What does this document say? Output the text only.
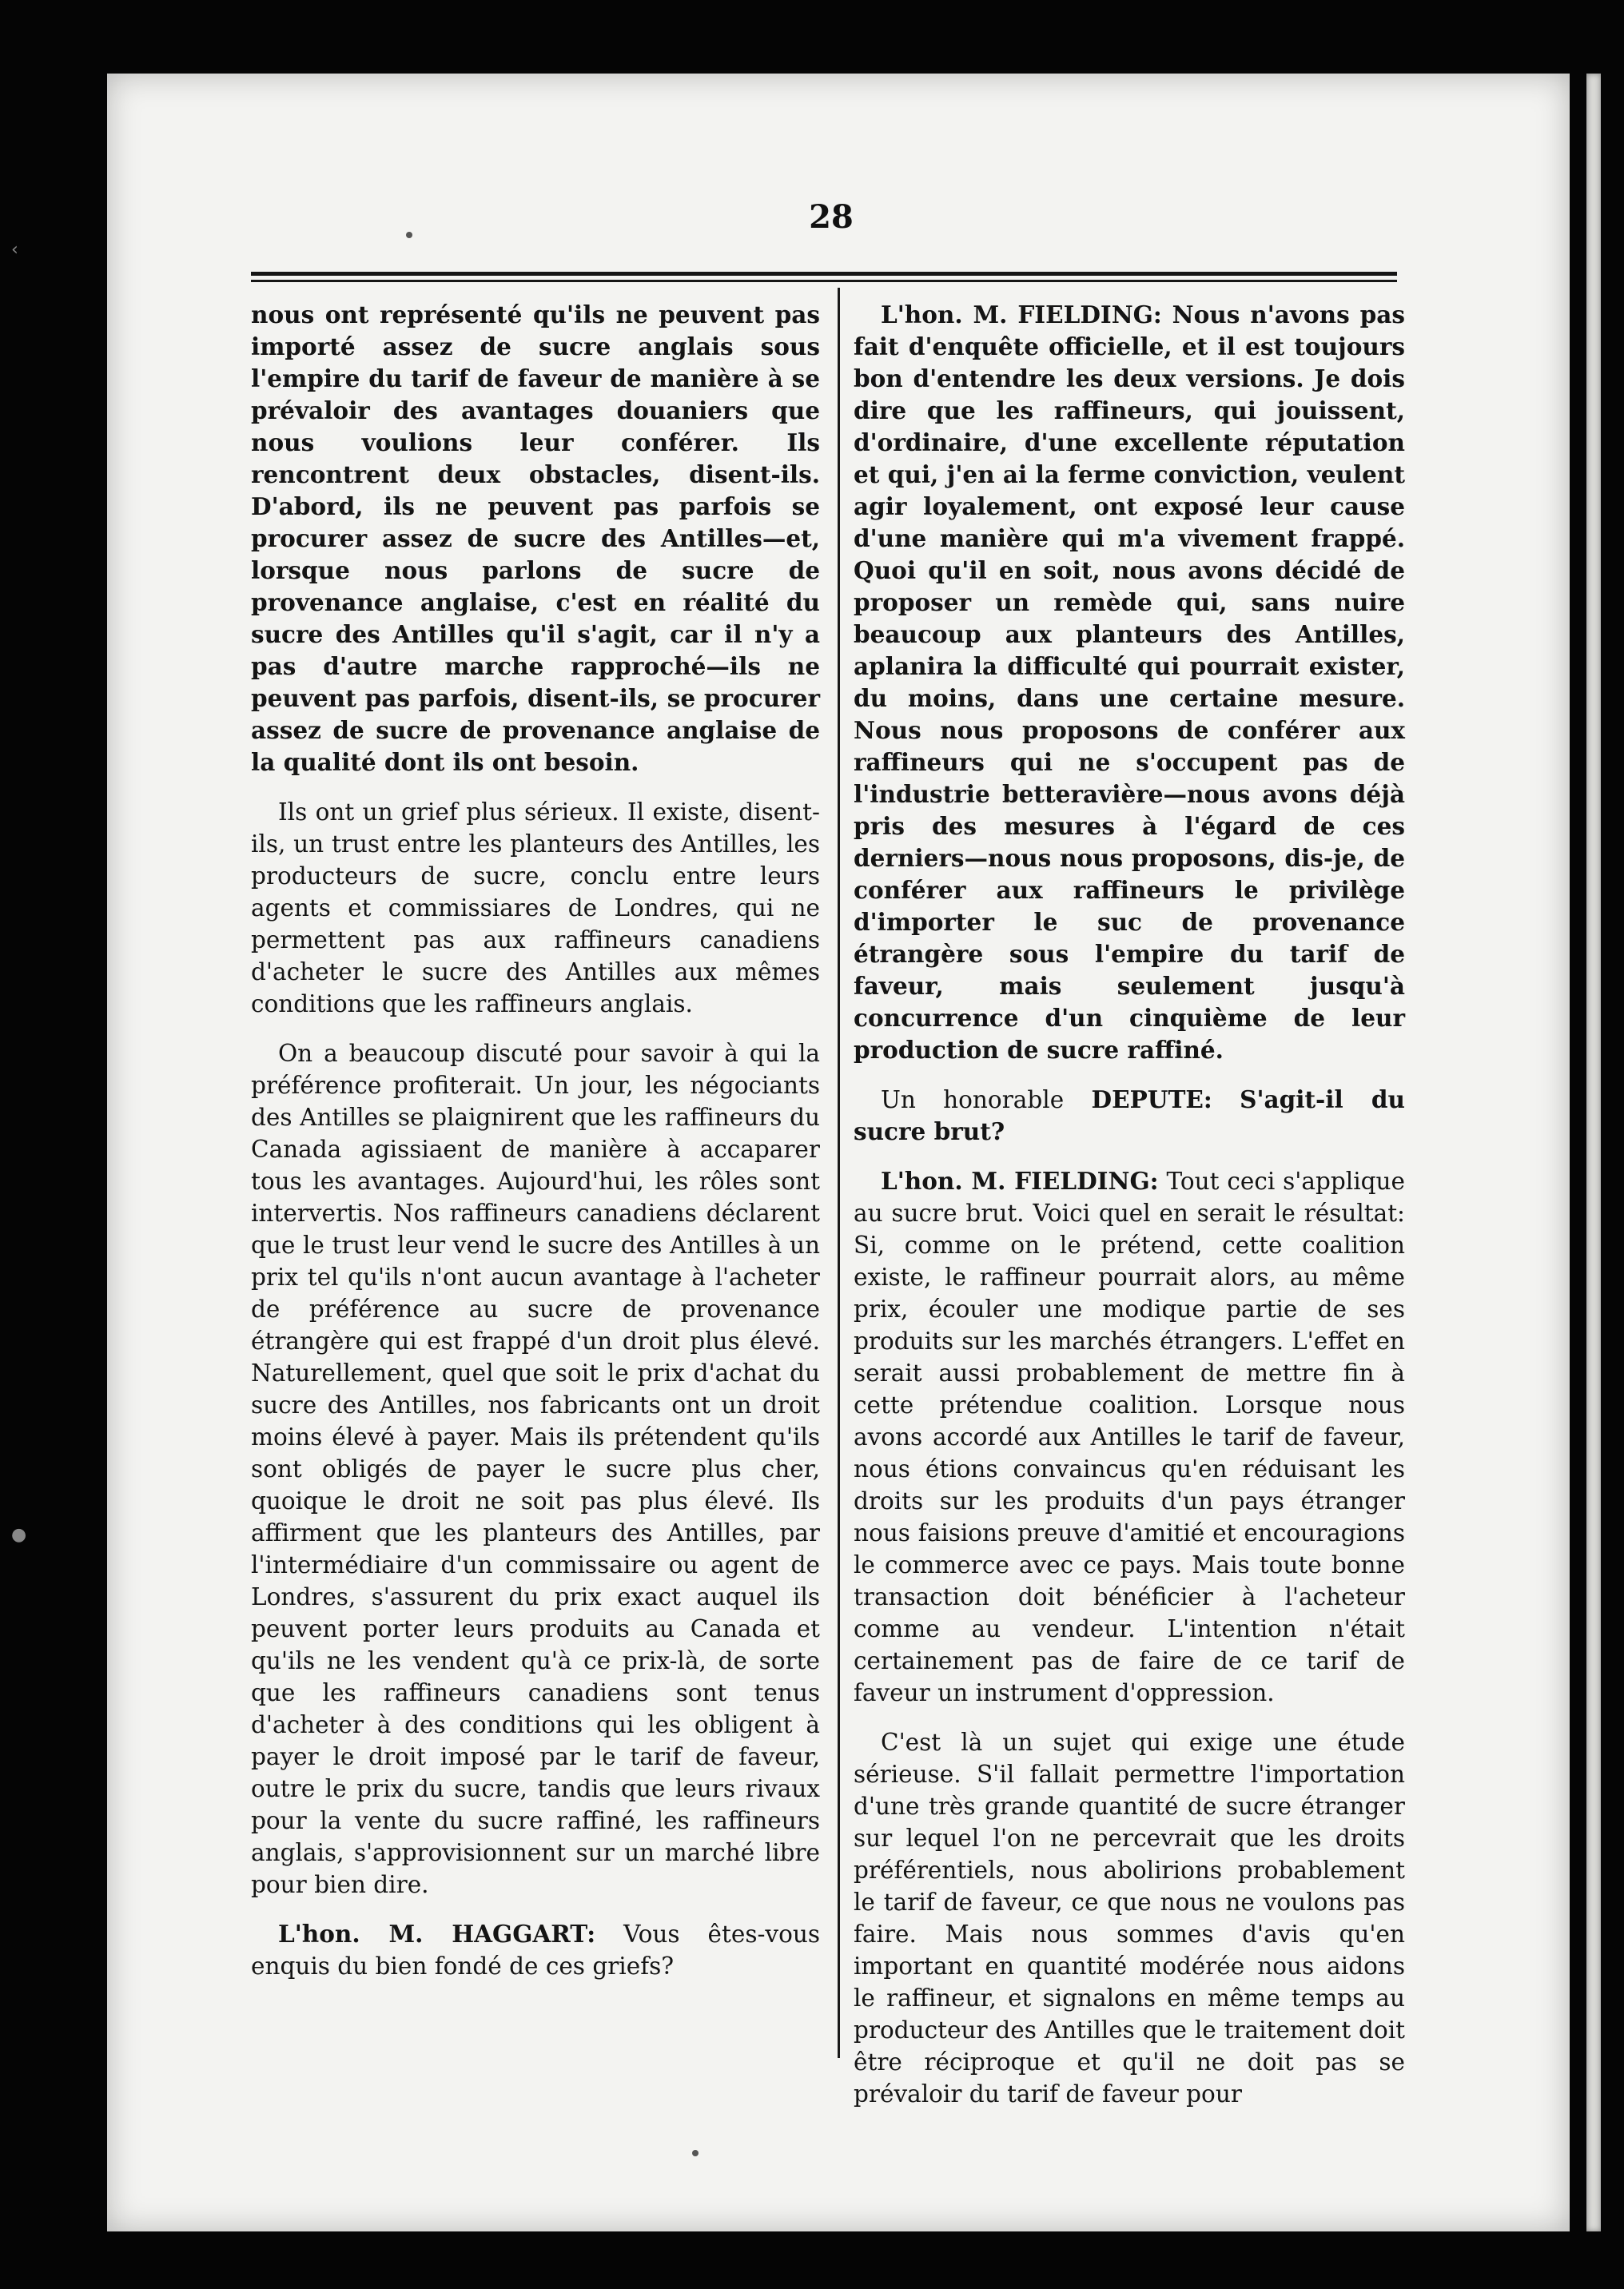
‹
●
28

nous ont représenté qu'ils ne peuvent pas importé assez de sucre anglais sous l'empire du tarif de faveur de manière à se prévaloir des avantages douaniers que nous voulions leur conférer. Ils rencontrent deux obstacles, disent-ils. D'abord, ils ne peuvent pas parfois se procurer assez de sucre des Antilles—et, lorsque nous parlons de sucre de provenance anglaise, c'est en réalité du sucre des Antilles qu'il s'agit, car il n'y a pas d'autre marche rapproché—ils ne peuvent pas parfois, disent-ils, se procurer assez de sucre de provenance anglaise de la qualité dont ils ont besoin.

Ils ont un grief plus sérieux. Il existe, disent-ils, un trust entre les planteurs des Antilles, les producteurs de sucre, conclu entre leurs agents et commissiares de Londres, qui ne permettent pas aux raffineurs canadiens d'acheter le sucre des Antilles aux mêmes conditions que les raffineurs anglais.

On a beaucoup discuté pour savoir à qui la préférence profiterait. Un jour, les négociants des Antilles se plaignirent que les raffineurs du Canada agissiaent de manière à accaparer tous les avantages. Aujourd'hui, les rôles sont intervertis. Nos raffineurs canadiens déclarent que le trust leur vend le sucre des Antilles à un prix tel qu'ils n'ont aucun avantage à l'acheter de préférence au sucre de provenance étrangère qui est frappé d'un droit plus élevé. Naturellement, quel que soit le prix d'achat du sucre des Antilles, nos fabricants ont un droit moins élevé à payer. Mais ils prétendent qu'ils sont obligés de payer le sucre plus cher, quoique le droit ne soit pas plus élevé. Ils affirment que les planteurs des Antilles, par l'intermédiaire d'un commissaire ou agent de Londres, s'assurent du prix exact auquel ils peuvent porter leurs produits au Canada et qu'ils ne les vendent qu'à ce prix-là, de sorte que les raffineurs canadiens sont tenus d'acheter à des conditions qui les obligent à payer le droit imposé par le tarif de faveur, outre le prix du sucre, tandis que leurs rivaux pour la vente du sucre raffiné, les raffineurs anglais, s'approvisionnent sur un marché libre pour bien dire.

L'hon. M. HAGGART: Vous êtes-vous enquis du bien fondé de ces griefs?

L'hon. M. FIELDING: Nous n'avons pas fait d'enquête officielle, et il est toujours bon d'entendre les deux versions. Je dois dire que les raffineurs, qui jouissent, d'ordinaire, d'une excellente réputation et qui, j'en ai la ferme conviction, veulent agir loyalement, ont exposé leur cause d'une manière qui m'a vivement frappé. Quoi qu'il en soit, nous avons décidé de proposer un remède qui, sans nuire beaucoup aux planteurs des Antilles, aplanira la difficulté qui pourrait exister, du moins, dans une certaine mesure. Nous nous proposons de conférer aux raffineurs qui ne s'occupent pas de l'industrie betteravière—nous avons déjà pris des mesures à l'égard de ces derniers—nous nous proposons, dis-je, de conférer aux raffineurs le privilège d'importer le suc de provenance étrangère sous l'empire du tarif de faveur, mais seulement jusqu'à concurrence d'un cinquième de leur production de sucre raffiné.

Un honorable DEPUTE: S'agit-il du sucre brut?

L'hon. M. FIELDING: Tout ceci s'applique au sucre brut. Voici quel en serait le résultat: Si, comme on le prétend, cette coalition existe, le raffineur pourrait alors, au même prix, écouler une modique partie de ses produits sur les marchés étrangers. L'effet en serait aussi probablement de mettre fin à cette prétendue coalition. Lorsque nous avons accordé aux Antilles le tarif de faveur, nous étions convaincus qu'en réduisant les droits sur les produits d'un pays étranger nous faisions preuve d'amitié et encouragions le commerce avec ce pays. Mais toute bonne transaction doit bénéficier à l'acheteur comme au vendeur. L'intention n'était certainement pas de faire de ce tarif de faveur un instrument d'oppression.

C'est là un sujet qui exige une étude sérieuse. S'il fallait permettre l'importation d'une très grande quantité de sucre étranger sur lequel l'on ne percevrait que les droits préférentiels, nous abolirions probablement le tarif de faveur, ce que nous ne voulons pas faire. Mais nous sommes d'avis qu'en important en quantité modérée nous aidons le raffineur, et signalons en même temps au producteur des Antilles que le traitement doit être réciproque et qu'il ne doit pas se prévaloir du tarif de faveur pour
